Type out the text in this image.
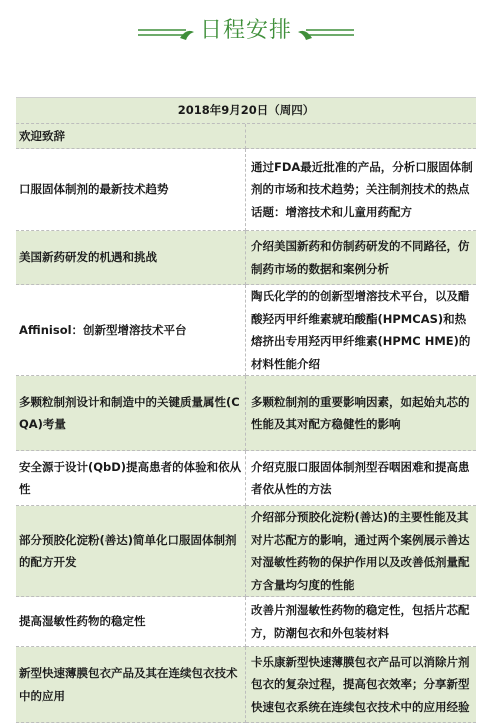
日程安排
2018年9月20日（周四）	
欢迎致辞	
口服固体制剂的最新技术趋势	通过FDA最近批准的产品，分析口服固体制剂的市场和技术趋势；关注制剂技术的热点话题：增溶技术和儿童用药配方
美国新药研发的机遇和挑战	介绍美国新药和仿制药研发的不同路径，仿制药市场的数据和案例分析
Affinisol：创新型增溶技术平台	陶氏化学的的创新型增溶技术平台，以及醋酸羟丙甲纤维素琥珀酸酯(HPMCAS)和热熔挤出专用羟丙甲纤维素(HPMC HME)的材料性能介绍
多颗粒制剂设计和制造中的关键质量属性(CQA)考量	多颗粒制剂的重要影响因素，如起始丸芯的性能及其对配方稳健性的影响
安全源于设计(QbD)提高患者的体验和依从性	介绍克服口服固体制剂型吞咽困难和提高患者依从性的方法
部分预胶化淀粉(善达)简单化口服固体制剂的配方开发	介绍部分预胶化淀粉(善达)的主要性能及其对片芯配方的影响，通过两个案例展示善达对湿敏性药物的保护作用以及改善低剂量配方含量均匀度的性能
提高湿敏性药物的稳定性	改善片剂湿敏性药物的稳定性，包括片芯配方，防潮包衣和外包装材料
新型快速薄膜包衣产品及其在连续包衣技术中的应用	卡乐康新型快速薄膜包衣产品可以消除片剂包衣的复杂过程，提高包衣效率；分享新型快速包衣系统在连续包衣技术中的应用经验
